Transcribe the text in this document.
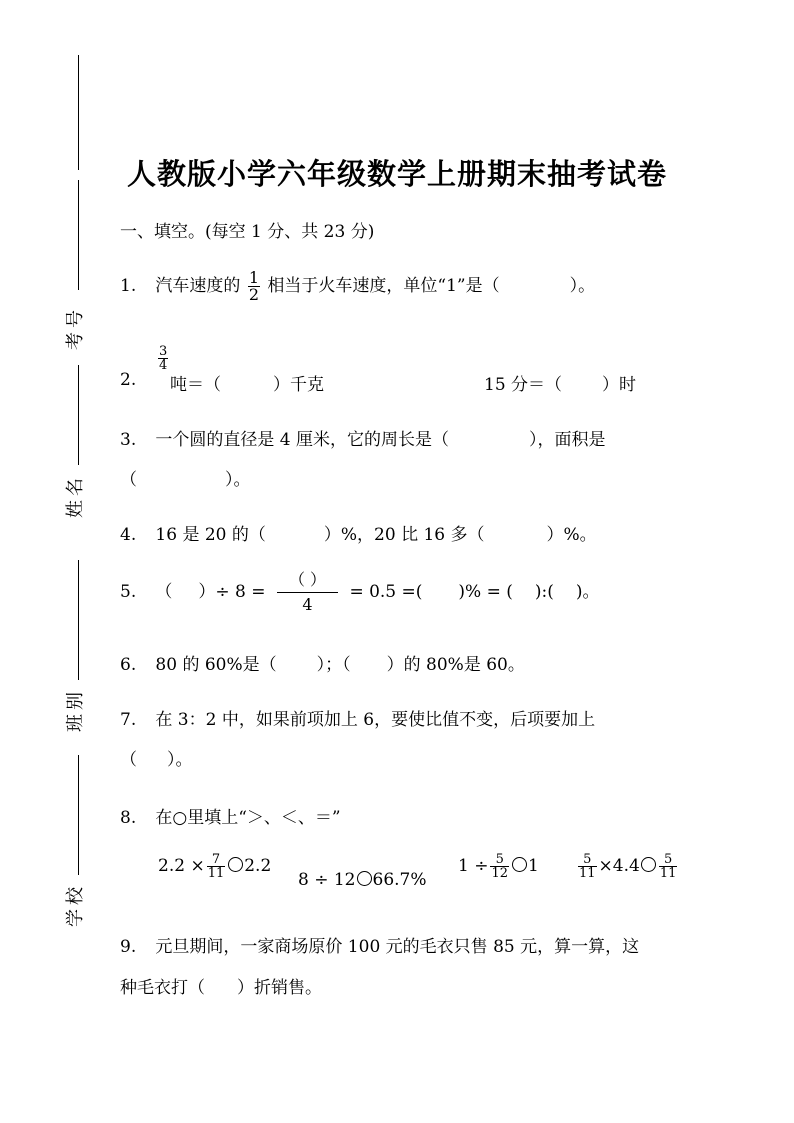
考号
姓名
班别
学校
人教版小学六年级数学上册期末抽考试卷
一、填空。(每空 1 分、共 23 分)
1. 汽车速度的 $\frac{1}{2}$ 相当于火车速度，单位“1”是（	）。
2.
3
4
吨＝（	）千克	15 分＝（ ）时
3. 一个圆的直径是 4 厘米，它的周长是（	），面积是
（	）。
4. 16 是 20 的（	）%，20 比 16 多（	）%。
5. （ ）÷ $8 = \frac{( )}{4} = 0.5$ =( )% = ( ):( )。
6. 80 的 60%是（ ）；（ ）的 80%是 60。
7. 在 3：2 中，如果前项加上 6，要使比值不变，后项要加上
（ ）。
8. 在○里填上“＞、＜、＝”
$2.2 \times \frac{7}{11} 2.2$
8 ÷ 12 66.7%
$1 \div \frac{5}{12} 1$	$\frac{5}{11} \times 4.4 \frac{5}{11}$
9. 元旦期间，一家商场原价 100 元的毛衣只售 85 元，算一算，这
种毛衣打（ ）折销售。
